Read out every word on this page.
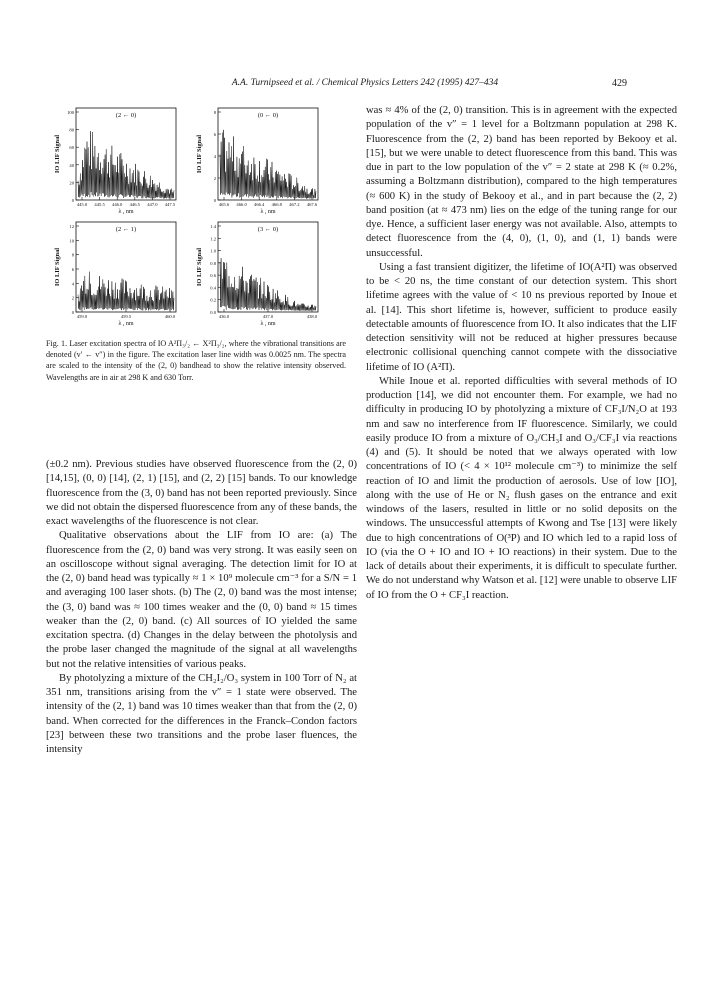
A.A. Turnipseed et al. / Chemical Physics Letters 242 (1995) 427–434	429
0
20
40
60
80
100
445.0 445.5 446.0 446.5 447.0 447.5
λ , nm
IO LIF Signal
(2 ← 0)
0
2
4
6
8
465.6 466.0 466.4 466.8 467.2 467.6
λ , nm
IO LIF Signal
(0 ← 0)
0
2
4
6
8
10
12
459.0	459.5	460.0
λ , nm
IO LIF Signal
(2 ← 1)
0.0
0.2
0.4
0.6
0.8
1.0
1.2
1.4
436.0	437.0	438.0
λ , nm
IO LIF Signal
(3 ← 0)
Fig. 1. Laser excitation spectra of IO A²Π₃/₂ ← X²Π₃/₂, where the vibrational transitions are denoted (v′ ← v″) in the figure. The excitation laser line width was 0.0025 nm. The spectra are scaled to the intensity of the (2, 0) bandhead to show the relative intensity observed. Wavelengths are in air at 298 K and 630 Torr.

(±0.2 nm). Previous studies have observed fluorescence from the (2, 0) [14,15], (0, 0) [14], (2, 1) [15], and (2, 2) [15] bands. To our knowledge fluorescence from the (3, 0) band has not been reported previously. Since we did not obtain the dispersed fluorescence from any of these bands, the exact wavelengths of the fluorescence is not clear.

Qualitative observations about the LIF from IO are: (a) The fluorescence from the (2, 0) band was very strong. It was easily seen on an oscilloscope without signal averaging. The detection limit for IO at the (2, 0) band head was typically ≈ 1 × 10⁹ molecule cm⁻³ for a S/N = 1 and averaging 100 laser shots. (b) The (2, 0) band was the most intense; the (3, 0) band was ≈ 100 times weaker and the (0, 0) band ≈ 15 times weaker than the (2, 0) band. (c) All sources of IO yielded the same excitation spectra. (d) Changes in the delay between the photolysis and the probe laser changed the magnitude of the signal at all wavelengths but not the relative intensities of various peaks.

By photolyzing a mixture of the CH₂I₂/O₃ system in 100 Torr of N₂ at 351 nm, transitions arising from the v″ = 1 state were observed. The intensity of the (2, 1) band was 10 times weaker than that from the (2, 0) band. When corrected for the differences in the Franck–Condon factors [23] between these two transitions and the probe laser fluences, the intensity

was ≈ 4% of the (2, 0) transition. This is in agreement with the expected population of the v″ = 1 level for a Boltzmann population at 298 K. Fluorescence from the (2, 2) band has been reported by Bekooy et al. [15], but we were unable to detect fluorescence from this band. This was due in part to the low population of the v″ = 2 state at 298 K (≈ 0.2%, assuming a Boltzmann distribution), compared to the high temperatures (≈ 600 K) in the study of Bekooy et al., and in part because the (2, 2) band position (at ≈ 473 nm) lies on the edge of the tuning range for our dye. Hence, a sufficient laser energy was not available. Also, attempts to detect fluorescence from the (4, 0), (1, 0), and (1, 1) bands were unsuccessful.

Using a fast transient digitizer, the lifetime of IO(A²Π) was observed to be < 20 ns, the time constant of our detection system. This short lifetime agrees with the value of < 10 ns previous reported by Inoue et al. [14]. This short lifetime is, however, sufficient to produce easily detectable amounts of fluorescence from IO. It also indicates that the LIF detection sensitivity will not be reduced at higher pressures because electronic collisional quenching cannot compete with the dissociative lifetime of IO (A²Π).

While Inoue et al. reported difficulties with several methods of IO production [14], we did not encounter them. For example, we had no difficulty in producing IO by photolyzing a mixture of CF₃I/N₂O at 193 nm and saw no interference from IF fluorescence. Similarly, we could easily produce IO from a mixture of O₃/CH₃I and O₃/CF₃I via reactions (4) and (5). It should be noted that we always operated with low concentrations of IO (< 4 × 10¹² molecule cm⁻³) to minimize the self reaction of IO and limit the production of aerosols. Use of low [IO], along with the use of He or N₂ flush gases on the entrance and exit windows of the lasers, resulted in little or no solid deposits on the windows. The unsuccessful attempts of Kwong and Tse [13] were likely due to high concentrations of O(³P) and IO which led to a rapid loss of IO (via the O + IO and IO + IO reactions) in their system. Due to the lack of details about their experiments, it is difficult to speculate further. We do not understand why Watson et al. [12] were unable to observe LIF of IO from the O + CF₃I reaction.
